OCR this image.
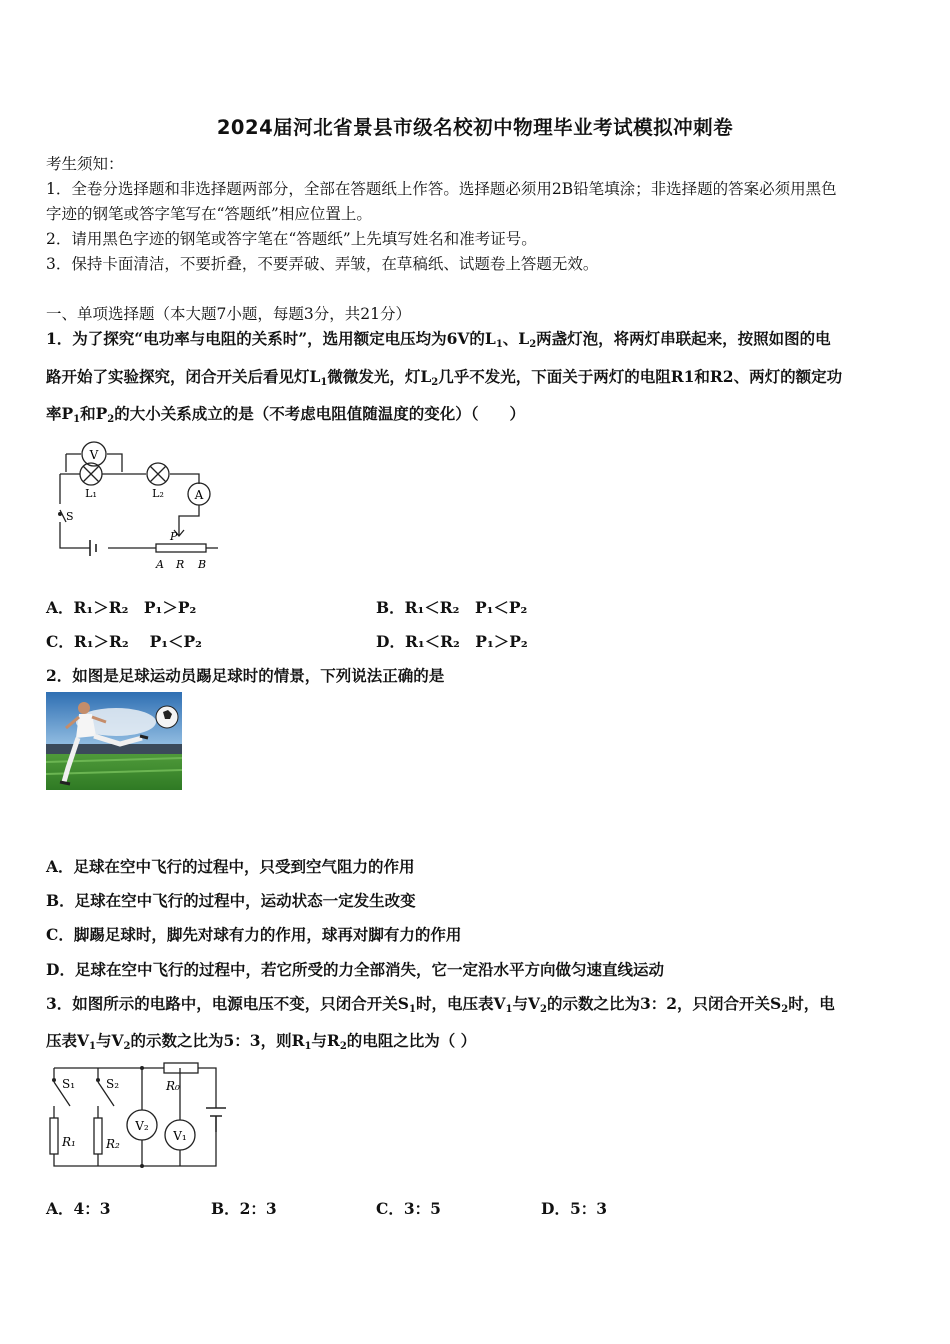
2024届河北省景县市级名校初中物理毕业考试模拟冲刺卷
考生须知：
1．全卷分选择题和非选择题两部分，全部在答题纸上作答。选择题必须用2B铅笔填涂；非选择题的答案必须用黑色
字迹的钢笔或答字笔写在“答题纸”相应位置上。
2．请用黑色字迹的钢笔或答字笔在“答题纸”上先填写姓名和准考证号。
3．保持卡面清洁，不要折叠，不要弄破、弄皱，在草稿纸、试题卷上答题无效。
一、单项选择题（本大题7小题，每题3分，共21分）
1．为了探究“电功率与电阻的关系时”，选用额定电压均为6V的$L_1$、$L_2$两盏灯泡，将两灯串联起来，按照如图的电
路开始了实验探究，闭合开关后看见灯$L_1$微微发光，灯$L_2$几乎不发光，下面关于两灯的电阻R1和R2、两灯的额定功
率$P_1$和$P_2$的大小关系成立的是（不考虑电阻值随温度的变化）（　　）
V
L₁	L₂	A
S
P
A R B
A．R₁＞R₂　P₁＞P₂	B．R₁＜R₂　P₁＜P₂
C．R₁＞R₂　 P₁＜P₂	D．R₁＜R₂　P₁＞P₂
2．如图是足球运动员踢足球时的情景，下列说法正确的是
A．足球在空中飞行的过程中，只受到空气阻力的作用
B．足球在空中飞行的过程中，运动状态一定发生改变
C．脚踢足球时，脚先对球有力的作用，球再对脚有力的作用
D．足球在空中飞行的过程中，若它所受的力全部消失，它一定沿水平方向做匀速直线运动
3．如图所示的电路中，电源电压不变，只闭合开关$S_1$时，电压表$V_1$与$V_2$的示数之比为3：2，只闭合开关$S_2$时，电
压表$V_1$与$V_2$的示数之比为5：3，则$R_1$与$R_2$的电阻之比为（ ）
S₁	S₂	R₀
V₂
V₁
R₁	R₂
A．4：3	B．2：3	C．3：5	D．5：3
